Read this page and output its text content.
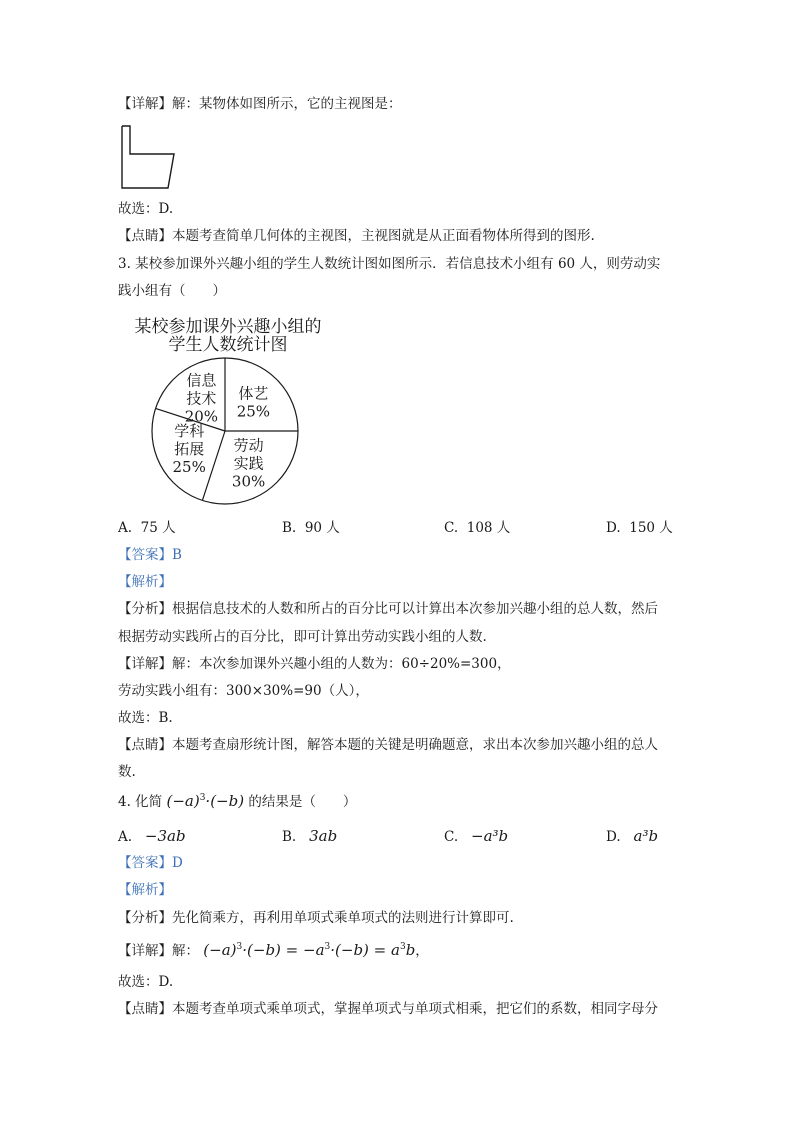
【详解】解：某物体如图所示，它的主视图是：
故选：D.
【点睛】本题考查简单几何体的主视图，主视图就是从正面看物体所得到的图形.
3. 某校参加课外兴趣小组的学生人数统计图如图所示．若信息技术小组有 60 人，则劳动实
践小组有（　　）
某校参加课外兴趣小组的
学生人数统计图
体艺
25%
劳动
实践
30%
学科
拓展
25%
信息
技术
20%
A. 75 人	B. 90 人	C. 108 人	D. 150 人
【答案】B
【解析】
【分析】根据信息技术的人数和所占的百分比可以计算出本次参加兴趣小组的总人数，然后
根据劳动实践所占的百分比，即可计算出劳动实践小组的人数.
【详解】解：本次参加课外兴趣小组的人数为：60÷20%=300，
劳动实践小组有：300×30%=90（人），
故选：B.
【点睛】本题考查扇形统计图，解答本题的关键是明确题意，求出本次参加兴趣小组的总人
数.
4. 化简 $(-a)^3\cdot(-b)$ 的结果是（　　）
A. −3ab	B. 3ab	C. −a³b	D. a³b
【答案】D
【解析】
【分析】先化简乘方，再利用单项式乘单项式的法则进行计算即可.
【详解】解： $(-a)^3\cdot(-b) = -a^3\cdot(-b) = a^3b$，
故选：D.
【点睛】本题考查单项式乘单项式，掌握单项式与单项式相乘，把它们的系数，相同字母分
